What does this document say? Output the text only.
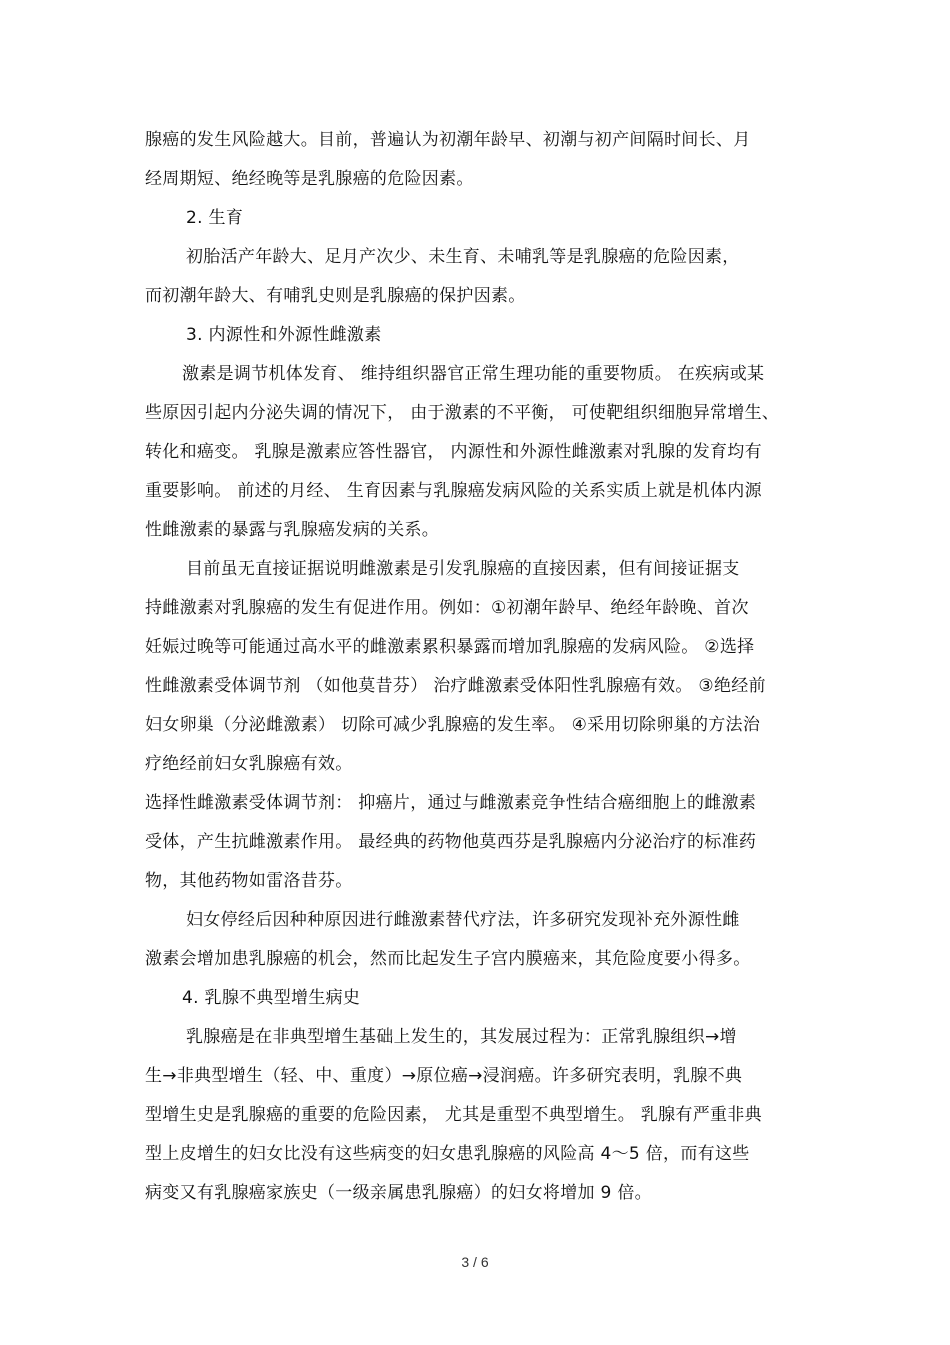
腺癌的发生风险越大。目前，普遍认为初潮年龄早、初潮与初产间隔时间长、月
经周期短、绝经晚等是乳腺癌的危险因素。
2. 生育
初胎活产年龄大、足月产次少、未生育、未哺乳等是乳腺癌的危险因素，
而初潮年龄大、有哺乳史则是乳腺癌的保护因素。
3. 内源性和外源性雌激素
激素是调节机体发育、 维持组织器官正常生理功能的重要物质。 在疾病或某
些原因引起内分泌失调的情况下， 由于激素的不平衡， 可使靶组织细胞异常增生、
转化和癌变。 乳腺是激素应答性器官， 内源性和外源性雌激素对乳腺的发育均有
重要影响。 前述的月经、 生育因素与乳腺癌发病风险的关系实质上就是机体内源
性雌激素的暴露与乳腺癌发病的关系。
目前虽无直接证据说明雌激素是引发乳腺癌的直接因素，但有间接证据支
持雌激素对乳腺癌的发生有促进作用。例如：①初潮年龄早、绝经年龄晚、首次
妊娠过晚等可能通过高水平的雌激素累积暴露而增加乳腺癌的发病风险。 ②选择
性雌激素受体调节剂 （如他莫昔芬） 治疗雌激素受体阳性乳腺癌有效。 ③绝经前
妇女卵巢（分泌雌激素） 切除可减少乳腺癌的发生率。 ④采用切除卵巢的方法治
疗绝经前妇女乳腺癌有效。
选择性雌激素受体调节剂： 抑癌片，通过与雌激素竞争性结合癌细胞上的雌激素
受体，产生抗雌激素作用。 最经典的药物他莫西芬是乳腺癌内分泌治疗的标准药
物，其他药物如雷洛昔芬。
妇女停经后因种种原因进行雌激素替代疗法，许多研究发现补充外源性雌
激素会增加患乳腺癌的机会，然而比起发生子宫内膜癌来，其危险度要小得多。
4. 乳腺不典型增生病史
乳腺癌是在非典型增生基础上发生的，其发展过程为：正常乳腺组织→增
生→非典型增生（轻、中、重度）→原位癌→浸润癌。许多研究表明，乳腺不典
型增生史是乳腺癌的重要的危险因素， 尤其是重型不典型增生。 乳腺有严重非典
型上皮增生的妇女比没有这些病变的妇女患乳腺癌的风险高 4～5 倍，而有这些
病变又有乳腺癌家族史（一级亲属患乳腺癌）的妇女将增加 9 倍。
3 / 6
